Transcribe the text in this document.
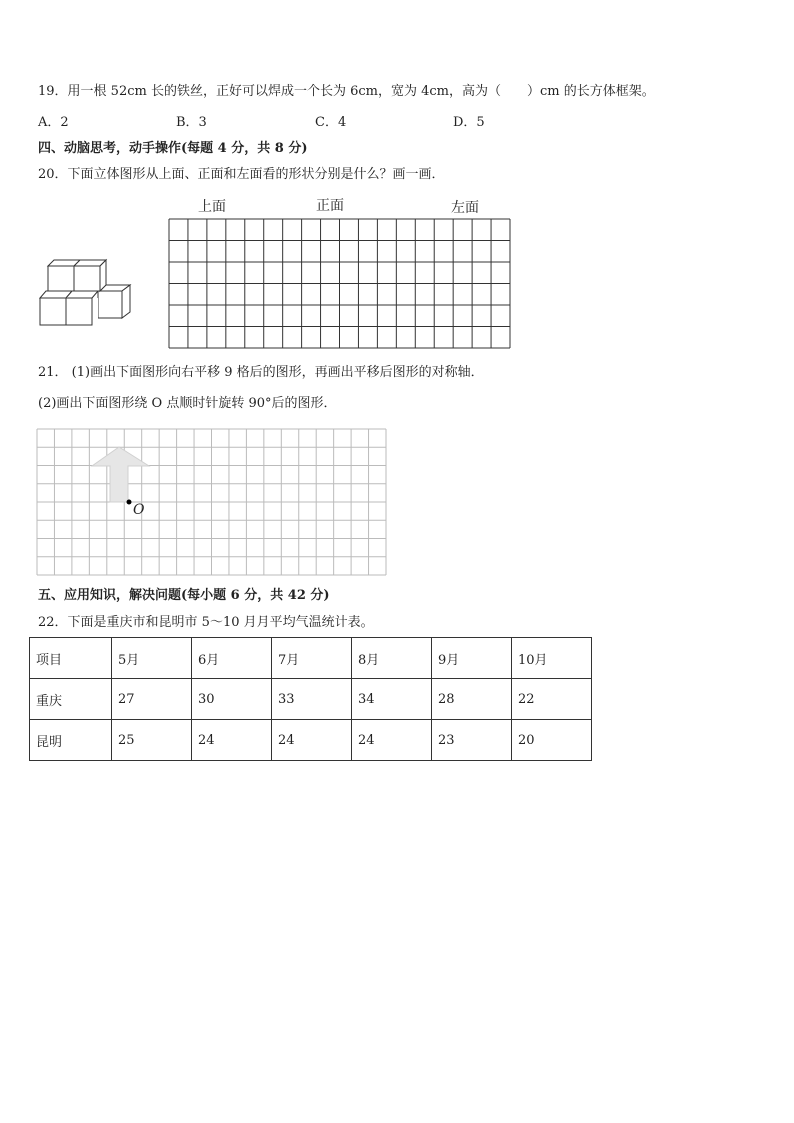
19．用一根 52cm 长的铁丝，正好可以焊成一个长为 6cm，宽为 4cm，高为（　　）cm 的长方体框架。
A．2	B．3	C．4	D．5
四、动脑思考，动手操作(每题 4 分，共 8 分)
20．下面立体图形从上面、正面和左面看的形状分别是什么？画一画．
上面	正面	左面
21． (1)画出下面图形向右平移 9 格后的图形，再画出平移后图形的对称轴．
(2)画出下面图形绕 O 点顺时针旋转 90°后的图形．
O
五、应用知识，解决问题(每小题 6 分，共 42 分)
22．下面是重庆市和昆明市 5～10 月月平均气温统计表。
项目	5月	6月	7月	8月	9月	10月
重庆	27	30	33	34	28	22
昆明	25	24	24	24	23	20
